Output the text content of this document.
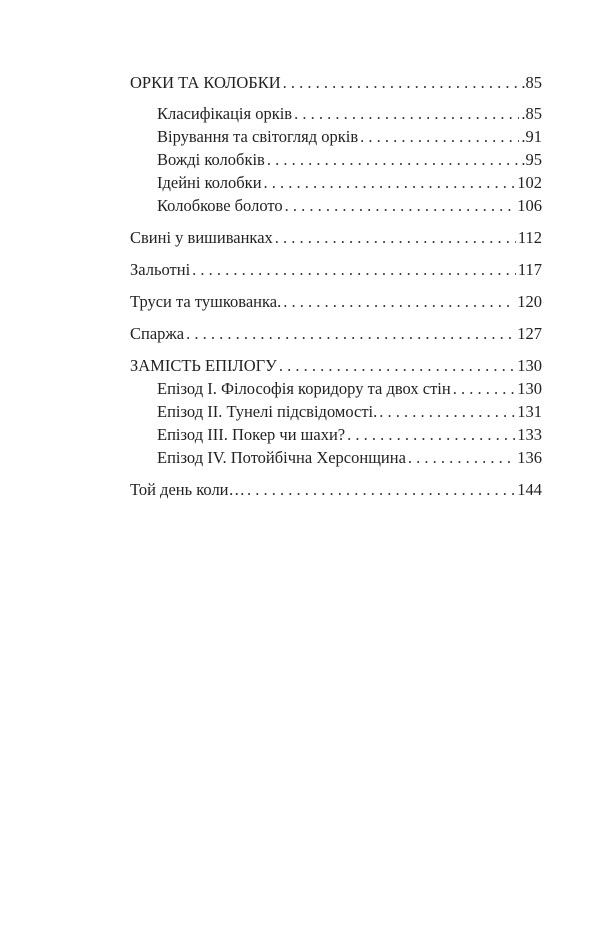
ОРКИ ТА КОЛОБКИ . . .	.85
Класифікація орків . . .	.85
Вірування та світогляд орків . . .	.91
Вожді колобків . . .	.95
Ідейні колобки . . .	102
Колобкове болото . . .	106
Свині у вишиванках . . .	112
Зальотні . . .	117
Труси та тушкованка. . . .	120
Спаржа . . .	127
ЗАМІСТЬ ЕПІЛОГУ . . .	130
Епізод І. Філософія коридору та двох стін . . .	130
Епізод ІІ. Тунелі підсвідомості. . . .	131
Епізод ІІІ. Покер чи шахи? . . .	133
Епізод IV. Потойбічна Херсонщина . . .	136
Той день коли… . . .	144
